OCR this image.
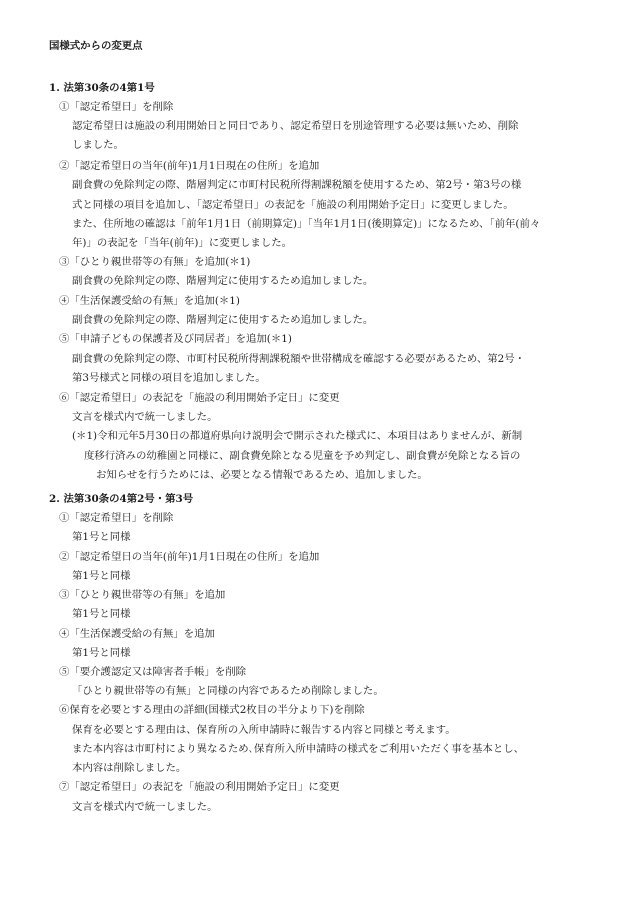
国様式からの変更点
1. 法第30条の4第1号
①「認定希望日」を削除
認定希望日は施設の利用開始日と同日であり、認定希望日を別途管理する必要は無いため、削除
しました。
②「認定希望日の当年(前年)1月1日現在の住所」を追加
副食費の免除判定の際、階層判定に市町村民税所得割課税額を使用するため、第2号・第3号の様
式と同様の項目を追加し、「認定希望日」の表記を「施設の利用開始予定日」に変更しました。
また、住所地の確認は「前年1月1日（前期算定)」「当年1月1日(後期算定)」になるため、「前年(前々
年)」の表記を「当年(前年)」に変更しました。
③「ひとり親世帯等の有無」を追加(＊1)
副食費の免除判定の際、階層判定に使用するため追加しました。
④「生活保護受給の有無」を追加(＊1)
副食費の免除判定の際、階層判定に使用するため追加しました。
⑤「申請子どもの保護者及び同居者」を追加(＊1)
副食費の免除判定の際、市町村民税所得割課税額や世帯構成を確認する必要があるため、第2号・
第3号様式と同様の項目を追加しました。
⑥「認定希望日」の表記を「施設の利用開始予定日」に変更
文言を様式内で統一しました。
(＊1)令和元年5月30日の都道府県向け説明会で開示された様式に、本項目はありませんが、新制
度移行済みの幼稚園と同様に、副食費免除となる児童を予め判定し、副食費が免除となる旨の
お知らせを行うためには、必要となる情報であるため、追加しました。
2. 法第30条の4第2号・第3号
①「認定希望日」を削除
第1号と同様
②「認定希望日の当年(前年)1月1日現在の住所」を追加
第1号と同様
③「ひとり親世帯等の有無」を追加
第1号と同様
④「生活保護受給の有無」を追加
第1号と同様
⑤「要介護認定又は障害者手帳」を削除
「ひとり親世帯等の有無」と同様の内容であるため削除しました。
⑥保育を必要とする理由の詳細(国様式2枚目の半分より下)を削除
保育を必要とする理由は、保育所の入所申請時に報告する内容と同様と考えます。
また本内容は市町村により異なるため､保育所入所申請時の様式をご利用いただく事を基本とし、
本内容は削除しました。
⑦「認定希望日」の表記を「施設の利用開始予定日」に変更
文言を様式内で統一しました。
